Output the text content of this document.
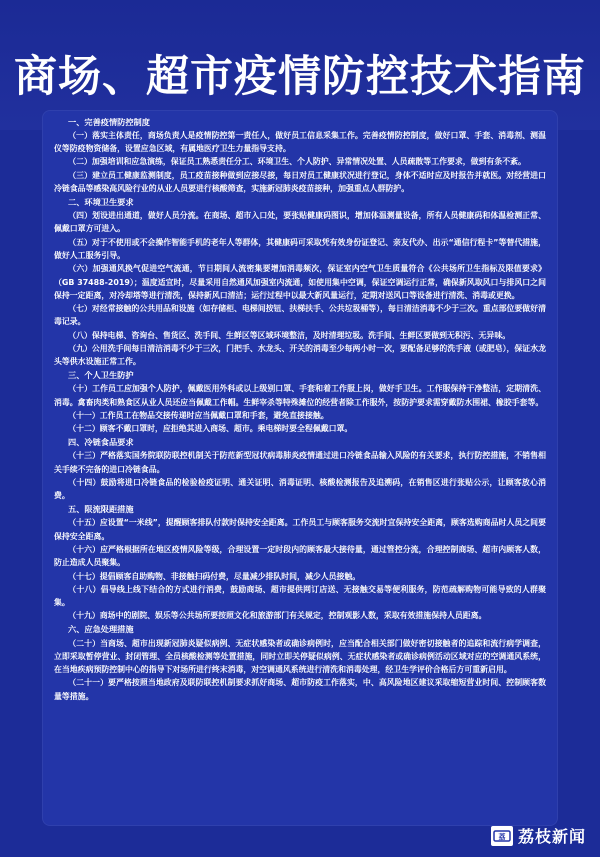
商场、超市疫情防控技术指南

一、完善疫情防控制度

（一）落实主体责任，商场负责人是疫情防控第一责任人，做好员工信息采集工作。完善疫情防控制度，做好口罩、手套、消毒剂、测温仪等防疫物资储备，设置应急区域，有属地医疗卫生力量指导支持。

（二）加强培训和应急演练，保证员工熟悉责任分工、环境卫生、个人防护、异常情况处置、人员疏散等工作要求，做到有条不紊。

（三）建立员工健康监测制度，员工疫苗接种做到应接尽接，每日对员工健康状况进行登记，身体不适时应及时报告并就医。对经营进口冷链食品等感染高风险行业的从业人员要进行核酸筛查，实施新冠肺炎疫苗接种，加强重点人群防护。

二、环境卫生要求

（四）划设进出通道，做好人员分流。在商场、超市入口处，要张贴健康码图识，增加体温测量设备，所有人员健康码和体温检测正常、佩戴口罩方可进入。

（五）对于不使用或不会操作智能手机的老年人等群体，其健康码可采取凭有效身份证登记、亲友代办、出示“通信行程卡”等替代措施，做好人工服务引导。

（六）加强通风换气促进空气流通，节日期间人流密集要增加消毒频次，保证室内空气卫生质量符合《公共场所卫生指标及限值要求》（GB 37488-2019）；温度适宜时，尽量采用自然通风加强室内流通，如使用集中空调，保证空调运行正常，确保新风取风口与排风口之间保持一定距离，对冷却塔等进行清洗，保持新风口清洁；运行过程中以最大新风量运行，定期对送风口等设备进行清洗、消毒或更换。

（七）对经常接触的公共用品和设施（如存储柜、电梯间按钮、扶梯扶手、公共垃圾桶等），每日清洁消毒不少于三次。重点部位要做好清毒记录。

（八）保持电梯、咨询台、售货区、洗手间、生鲜区等区域环境整洁，及时清理垃圾。洗手间、生鲜区要做到无积污、无异味。

（九）公用洗手间每日清洁消毒不少于三次，门把手、水龙头、开关的消毒至少每两小时一次，要配备足够的洗手液（或肥皂），保证水龙头等供水设施正常工作。

三、个人卫生防护

（十）工作员工应加强个人防护，佩戴医用外科或以上级别口罩、手套和着工作服上岗，做好手卫生。工作服保持干净整洁，定期清洗、消毒。禽畜肉类和熟食区从业人员还应当佩戴工作帽。生鲜宰杀等特殊摊位的经营者除工作服外，按防护要求需穿戴防水围裙、橡胶手套等。

（十一）工作员工在物品交接传递时应当佩戴口罩和手套，避免直接接触。

（十二）顾客不戴口罩时，应拒绝其进入商场、超市。乘电梯时要全程佩戴口罩。

四、冷链食品要求

（十三）严格落实国务院联防联控机制关于防范新型冠状病毒肺炎疫情通过进口冷链食品输入风险的有关要求，执行防控措施，不销售相关手续不完备的进口冷链食品。

（十四）鼓励将进口冷链食品的检验检疫证明、通关证明、消毒证明、核酸检测报告及追溯码，在销售区进行张贴公示，让顾客放心消费。

五、限流限距措施

（十五）应设置“一米线”，提醒顾客排队付款时保持安全距离。工作员工与顾客服务交流时宜保持安全距离，顾客选购商品时人员之间要保持安全距离。

（十六）应严格根据所在地区疫情风险等级，合理设置一定时段内的顾客最大接待量，通过管控分流，合理控制商场、超市内顾客人数，防止造成人员聚集。

（十七）提倡顾客自助购物、非接触扫码付费，尽量减少排队时间，减少人员接触。

（十八）倡导线上线下结合的方式进行消费，鼓励商场、超市提供网订店送、无接触交易等便利服务，防范疏解购物可能导致的人群聚集。

（十九）商场中的剧院、娱乐等公共场所要按照文化和旅游部门有关规定，控制观影人数，采取有效措施保持人员距离。

六、应急处理措施

（二十）当商场、超市出现新冠肺炎疑似病例、无症状感染者或确诊病例时，应当配合相关部门做好密切接触者的追踪和流行病学调查，立即采取暂停营业、封闭管理、全员核酸检测等处置措施，同时立即关停疑似病例、无症状感染者或确诊病例活动区域对应的空调通风系统，在当地疾病预防控制中心的指导下对场所进行终末消毒，对空调通风系统进行清洗和消毒处理，经卫生学评价合格后方可重新启用。

（二十一）要严格按照当地政府及联防联控机制要求抓好商场、超市防疫工作落实，中、高风险地区建议采取缩短营业时间、控制顾客数量等措施。

荔 荔枝新闻
